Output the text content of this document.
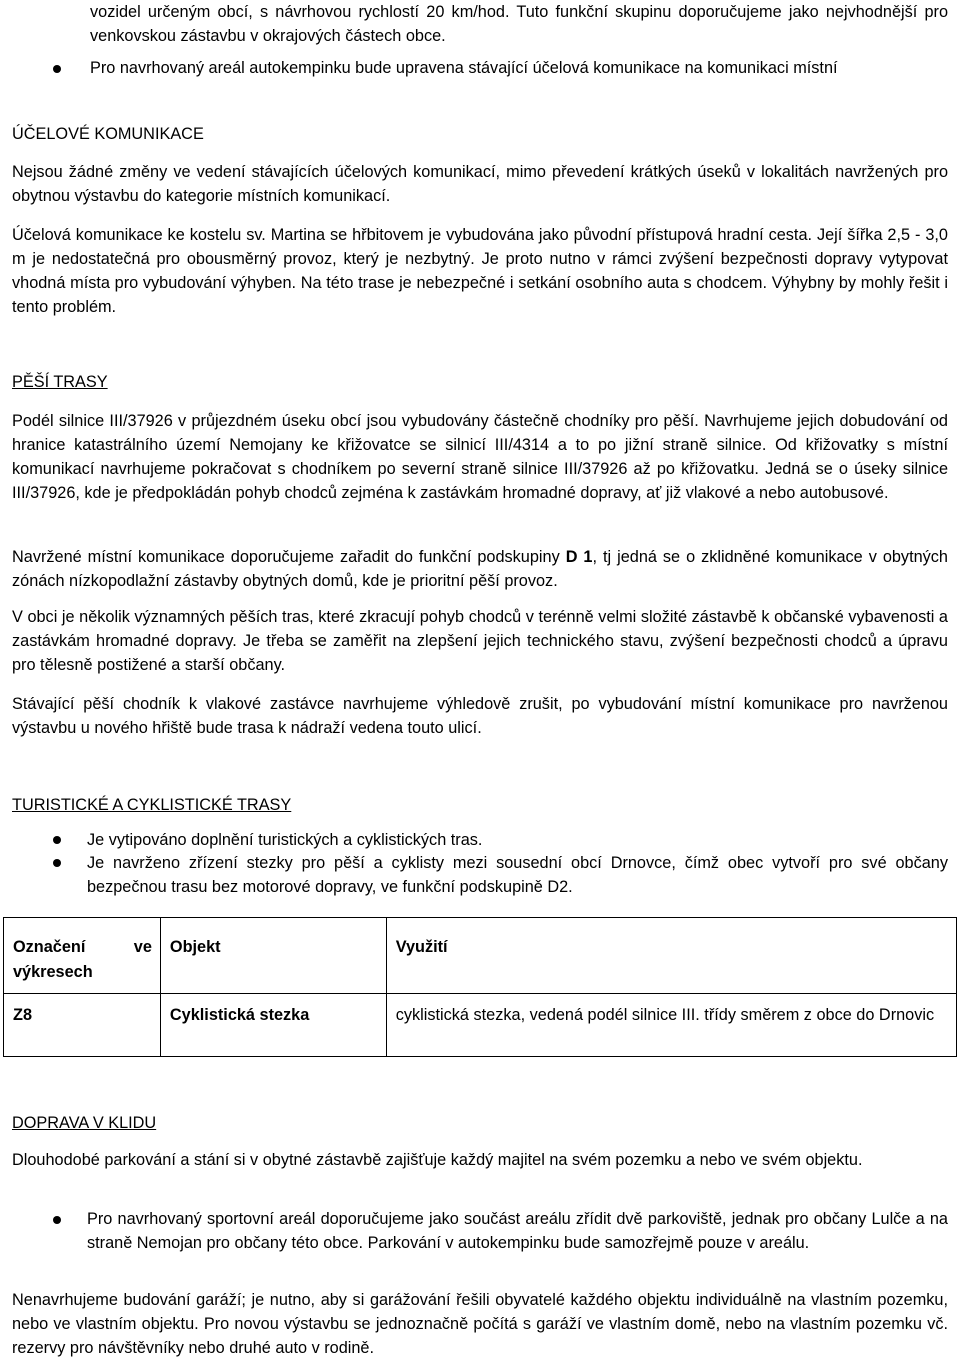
vozidel určeným obcí, s návrhovou rychlostí 20 km/hod. Tuto funkční skupinu doporučujeme jako nejvhodnější pro venkovskou zástavbu v okrajových částech obce.

Pro navrhovaný areál autokempinku bude upravena stávající účelová komunikace na komunikaci místní

ÚČELOVÉ KOMUNIKACE

Nejsou žádné změny ve vedení stávajících účelových komunikací, mimo převedení krátkých úseků v lokalitách navržených pro obytnou výstavbu do kategorie místních komunikací.

Účelová komunikace ke kostelu sv. Martina se hřbitovem je vybudována jako původní přístupová hradní cesta. Její šířka 2,5 - 3,0 m je nedostatečná pro obousměrný provoz, který je nezbytný. Je proto nutno v rámci zvýšení bezpečnosti dopravy vytypovat vhodná místa pro vybudování výhyben. Na této trase je nebezpečné i setkání osobního auta s chodcem. Výhybny by mohly řešit i tento problém.

PĚŠÍ TRASY

Podél silnice III/37926 v průjezdném úseku obcí jsou vybudovány částečně chodníky pro pěší. Navrhujeme jejich dobudování od hranice katastrálního území Nemojany ke křižovatce se silnicí III/4314 a to po jižní straně silnice. Od křižovatky s místní komunikací navrhujeme pokračovat s chodníkem po severní straně silnice III/37926 až po křižovatku. Jedná se o úseky silnice III/37926, kde je předpokládán pohyb chodců zejména k zastávkám hromadné dopravy, ať již vlakové a nebo autobusové.

Navržené místní komunikace doporučujeme zařadit do funkční podskupiny D 1, tj jedná se o zklidněné komunikace v obytných zónách nízkopodlažní zástavby obytných domů, kde je prioritní pěší provoz.

V obci je několik významných pěších tras, které zkracují pohyb chodců v terénně velmi složité zástavbě k občanské vybavenosti a zastávkám hromadné dopravy. Je třeba se zaměřit na zlepšení jejich technického stavu, zvýšení bezpečnosti chodců a úpravu pro tělesně postižené a starší občany.

Stávající pěší chodník k vlakové zastávce navrhujeme výhledově zrušit, po vybudování místní komunikace pro navrženou výstavbu u nového hřiště bude trasa k nádraží vedena touto ulicí.

TURISTICKÉ A CYKLISTICKÉ TRASY

Je vytipováno doplnění turistických a cyklistických tras.

Je navrženo zřízení stezky pro pěší a cyklisty mezi sousední obcí Drnovce, čímž obec vytvoří pro své občany bezpečnou trasu bez motorové dopravy, ve funkční podskupině D2.

Označení ve výkresech	Objekt	Využití

Z8	Cyklistická stezka	cyklistická stezka, vedená podél silnice III. třídy směrem z obce do Drnovic

DOPRAVA V KLIDU

Dlouhodobé parkování a stání si v obytné zástavbě zajišťuje každý majitel na svém pozemku a nebo ve svém objektu.

Pro navrhovaný sportovní areál doporučujeme jako součást areálu zřídit dvě parkoviště, jednak pro občany Lulče a na straně Nemojan pro občany této obce. Parkování v autokempinku bude samozřejmě pouze v areálu.

Nenavrhujeme budování garáží; je nutno, aby si garážování řešili obyvatelé každého objektu individuálně na vlastním pozemku, nebo ve vlastním objektu. Pro novou výstavbu se jednoznačně počítá s garáží ve vlastním domě, nebo na vlastním pozemku vč. rezervy pro návštěvníky nebo druhé auto v rodině.
